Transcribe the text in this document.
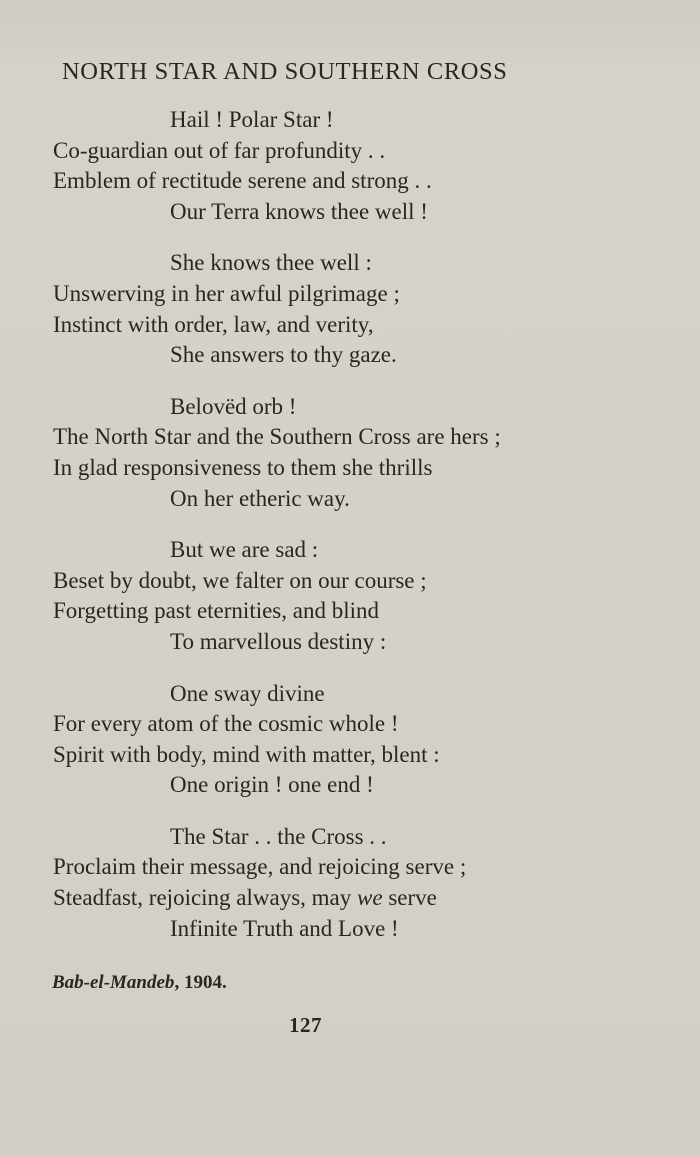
NORTH STAR AND SOUTHERN CROSS
Hail ! Polar Star !
Co-guardian out of far profundity . .
Emblem of rectitude serene and strong . .
Our Terra knows thee well !
She knows thee well :
Unswerving in her awful pilgrimage ;
Instinct with order, law, and verity,
She answers to thy gaze.
Belovëd orb !
The North Star and the Southern Cross are hers ;
In glad responsiveness to them she thrills
On her etheric way.
But we are sad :
Beset by doubt, we falter on our course ;
Forgetting past eternities, and blind
To marvellous destiny :
One sway divine
For every atom of the cosmic whole !
Spirit with body, mind with matter, blent :
One origin ! one end !
The Star . . the Cross . .
Proclaim their message, and rejoicing serve ;
Steadfast, rejoicing always, may we serve
Infinite Truth and Love !
Bab-el-Mandeb, 1904.
127
